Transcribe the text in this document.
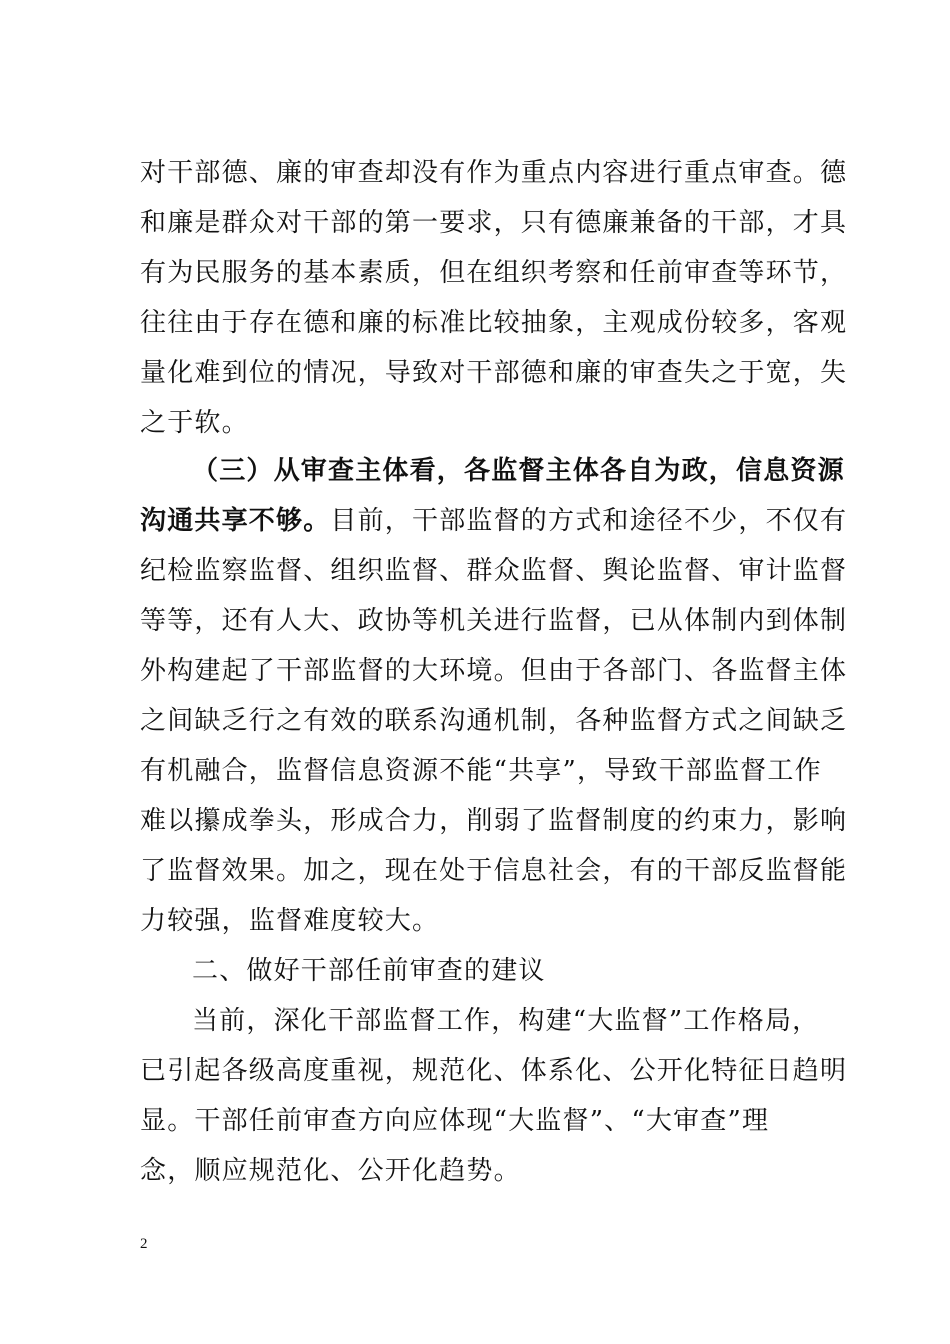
对干部德、廉的审查却没有作为重点内容进行重点审查。德
和廉是群众对干部的第一要求，只有德廉兼备的干部，才具
有为民服务的基本素质，但在组织考察和任前审查等环节，
往往由于存在德和廉的标准比较抽象，主观成份较多，客观
量化难到位的情况，导致对干部德和廉的审查失之于宽，失
之于软。
（三）从审查主体看，各监督主体各自为政，信息资源
沟通共享不够。目前，干部监督的方式和途径不少，不仅有
纪检监察监督、组织监督、群众监督、舆论监督、审计监督
等等，还有人大、政协等机关进行监督，已从体制内到体制
外构建起了干部监督的大环境。但由于各部门、各监督主体
之间缺乏行之有效的联系沟通机制，各种监督方式之间缺乏
有机融合，监督信息资源不能“共享”，导致干部监督工作
难以攥成拳头，形成合力，削弱了监督制度的约束力，影响
了监督效果。加之，现在处于信息社会，有的干部反监督能
力较强，监督难度较大。
二、做好干部任前审查的建议
当前，深化干部监督工作，构建“大监督”工作格局，
已引起各级高度重视，规范化、体系化、公开化特征日趋明
显。干部任前审查方向应体现“大监督”、“大审查”理
念，顺应规范化、公开化趋势。
2
